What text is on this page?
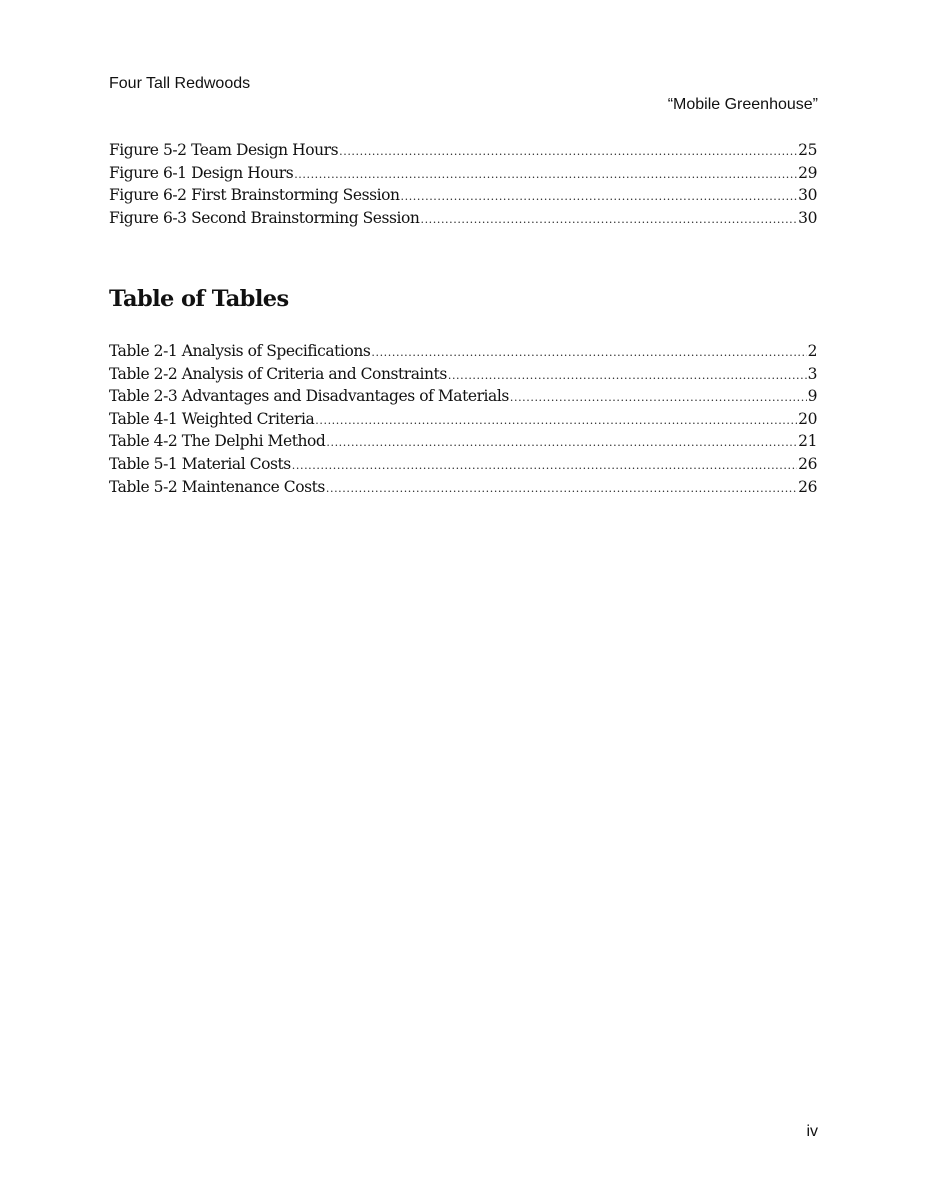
Four Tall Redwoods
“Mobile Greenhouse”
Figure 5-2 Team Design Hours .....	25
Figure 6-1 Design Hours .....	29
Figure 6-2 First Brainstorming Session .....	30
Figure 6-3 Second Brainstorming Session .....	30
Table of Tables
Table 2-1 Analysis of Specifications .....	2
Table 2-2 Analysis of Criteria and Constraints .....	3
Table 2-3 Advantages and Disadvantages of Materials .....	9
Table 4-1 Weighted Criteria .....	20
Table 4-2 The Delphi Method .....	21
Table 5-1 Material Costs .....	26
Table 5-2 Maintenance Costs .....	26
iv
